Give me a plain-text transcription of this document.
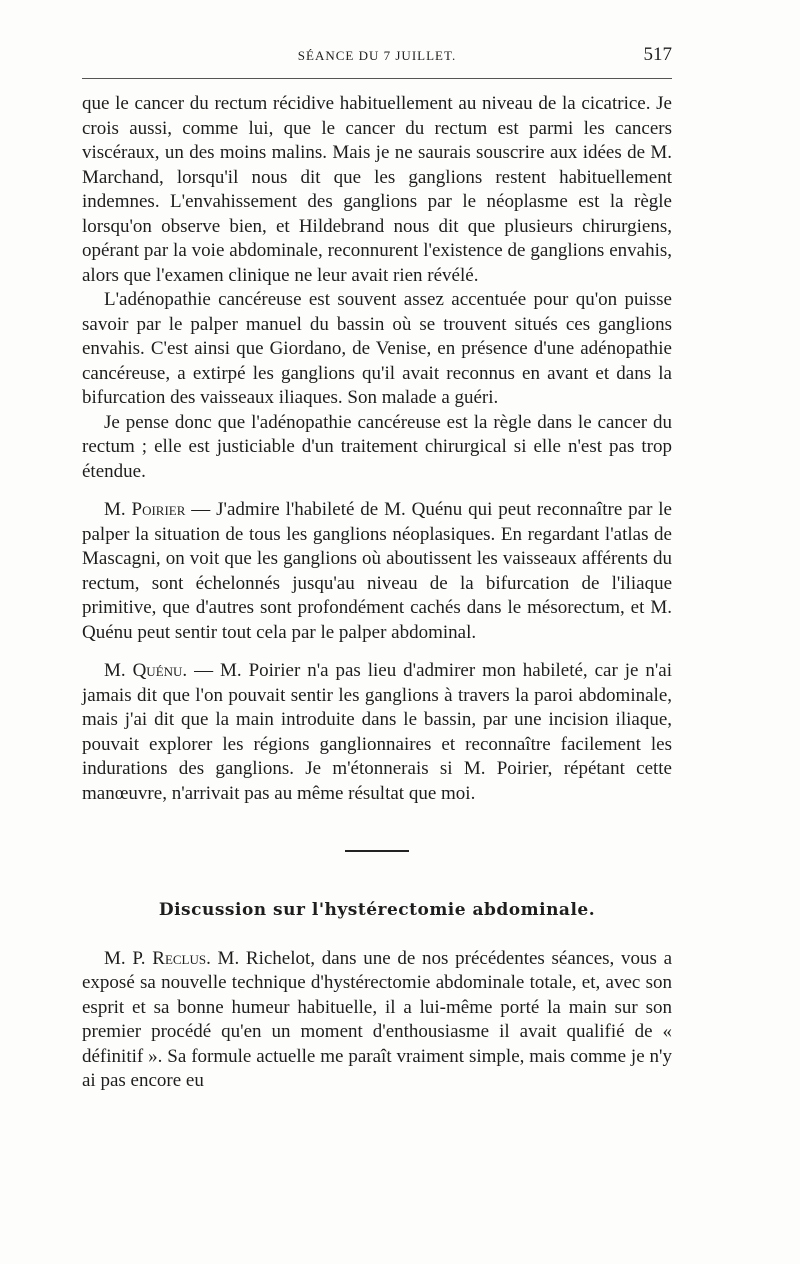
SÉANCE DU 7 JUILLET.	517

que le cancer du rectum récidive habituellement au niveau de la cicatrice. Je crois aussi, comme lui, que le cancer du rectum est parmi les cancers viscéraux, un des moins malins. Mais je ne saurais souscrire aux idées de M. Marchand, lorsqu'il nous dit que les ganglions restent habituellement indemnes. L'envahissement des ganglions par le néoplasme est la règle lorsqu'on observe bien, et Hildebrand nous dit que plusieurs chirurgiens, opérant par la voie abdominale, reconnurent l'existence de ganglions envahis, alors que l'examen clinique ne leur avait rien révélé.

L'adénopathie cancéreuse est souvent assez accentuée pour qu'on puisse savoir par le palper manuel du bassin où se trouvent situés ces ganglions envahis. C'est ainsi que Giordano, de Venise, en présence d'une adénopathie cancéreuse, a extirpé les ganglions qu'il avait reconnus en avant et dans la bifurcation des vaisseaux iliaques. Son malade a guéri.

Je pense donc que l'adénopathie cancéreuse est la règle dans le cancer du rectum ; elle est justiciable d'un traitement chirurgical si elle n'est pas trop étendue.

M. Poirier — J'admire l'habileté de M. Quénu qui peut reconnaître par le palper la situation de tous les ganglions néoplasiques. En regardant l'atlas de Mascagni, on voit que les ganglions où aboutissent les vaisseaux afférents du rectum, sont échelonnés jusqu'au niveau de la bifurcation de l'iliaque primitive, que d'autres sont profondément cachés dans le mésorectum, et M. Quénu peut sentir tout cela par le palper abdominal.

M. Quénu. — M. Poirier n'a pas lieu d'admirer mon habileté, car je n'ai jamais dit que l'on pouvait sentir les ganglions à travers la paroi abdominale, mais j'ai dit que la main introduite dans le bassin, par une incision iliaque, pouvait explorer les régions ganglionnaires et reconnaître facilement les indurations des ganglions. Je m'étonnerais si M. Poirier, répétant cette manœuvre, n'arrivait pas au même résultat que moi.

Discussion sur l'hystérectomie abdominale.

M. P. Reclus. M. Richelot, dans une de nos précédentes séances, vous a exposé sa nouvelle technique d'hystérectomie abdominale totale, et, avec son esprit et sa bonne humeur habituelle, il a lui-même porté la main sur son premier procédé qu'en un moment d'enthousiasme il avait qualifié de « définitif ». Sa formule actuelle me paraît vraiment simple, mais comme je n'y ai pas encore eu
